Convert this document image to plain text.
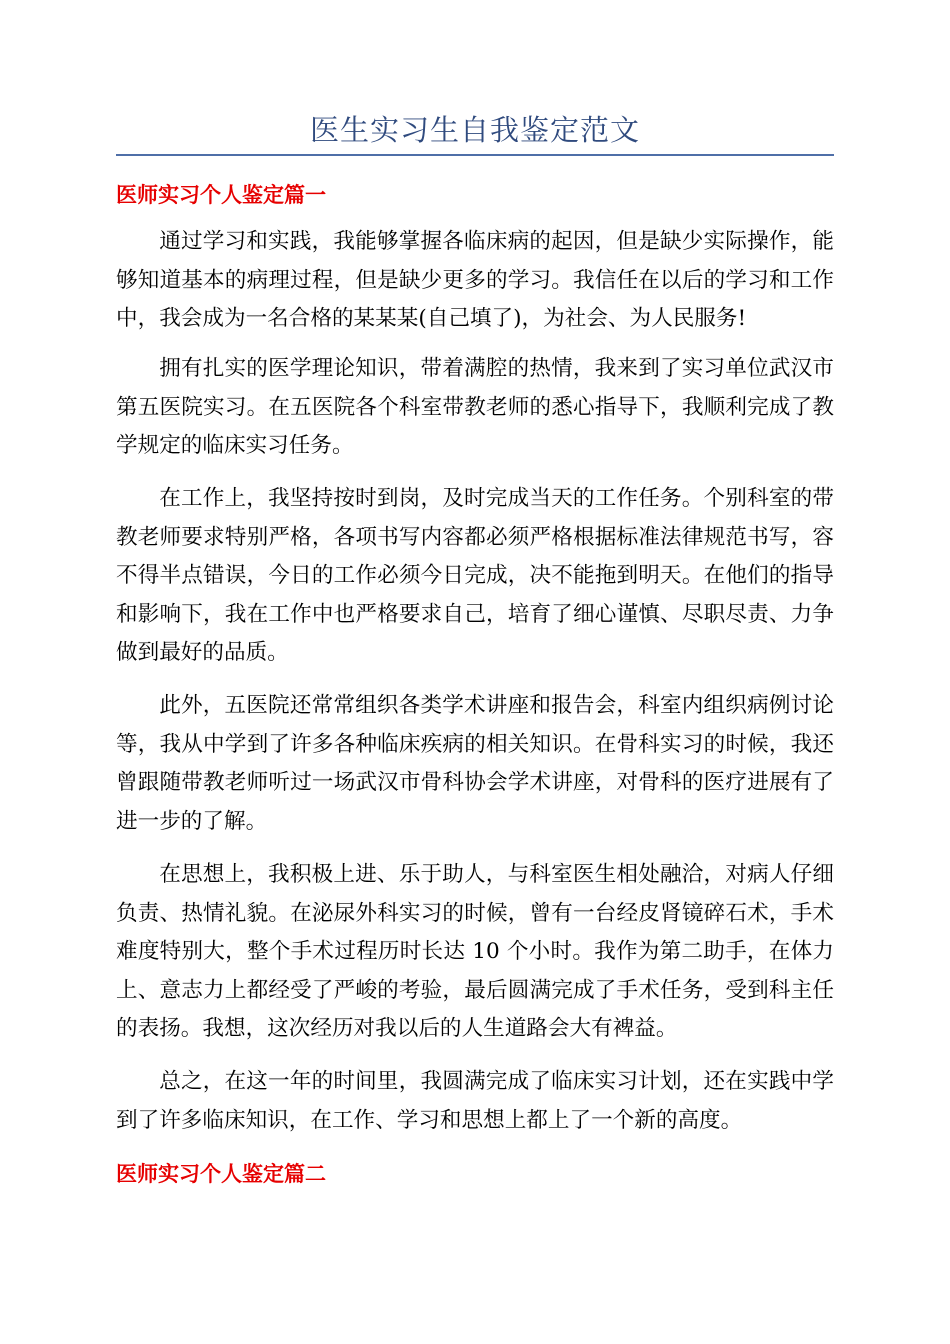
医生实习生自我鉴定范文
医师实习个人鉴定篇一

通过学习和实践，我能够掌握各临床病的起因，但是缺少实际操作，能够知道基本的病理过程，但是缺少更多的学习。我信任在以后的学习和工作中，我会成为一名合格的某某某(自己填了)，为社会、为人民服务!

拥有扎实的医学理论知识，带着满腔的热情，我来到了实习单位武汉市第五医院实习。在五医院各个科室带教老师的悉心指导下，我顺利完成了教学规定的临床实习任务。

在工作上，我坚持按时到岗，及时完成当天的工作任务。个别科室的带教老师要求特别严格，各项书写内容都必须严格根据标准法律规范书写，容不得半点错误，今日的工作必须今日完成，决不能拖到明天。在他们的指导和影响下，我在工作中也严格要求自己，培育了细心谨慎、尽职尽责、力争做到最好的品质。

此外，五医院还常常组织各类学术讲座和报告会，科室内组织病例讨论等，我从中学到了许多各种临床疾病的相关知识。在骨科实习的时候，我还曾跟随带教老师听过一场武汉市骨科协会学术讲座，对骨科的医疗进展有了进一步的了解。

在思想上，我积极上进、乐于助人，与科室医生相处融洽，对病人仔细负责、热情礼貌。在泌尿外科实习的时候，曾有一台经皮肾镜碎石术，手术难度特别大，整个手术过程历时长达 10 个小时。我作为第二助手，在体力上、意志力上都经受了严峻的考验，最后圆满完成了手术任务，受到科主任的表扬。我想，这次经历对我以后的人生道路会大有裨益。

总之，在这一年的时间里，我圆满完成了临床实习计划，还在实践中学到了许多临床知识，在工作、学习和思想上都上了一个新的高度。

医师实习个人鉴定篇二
